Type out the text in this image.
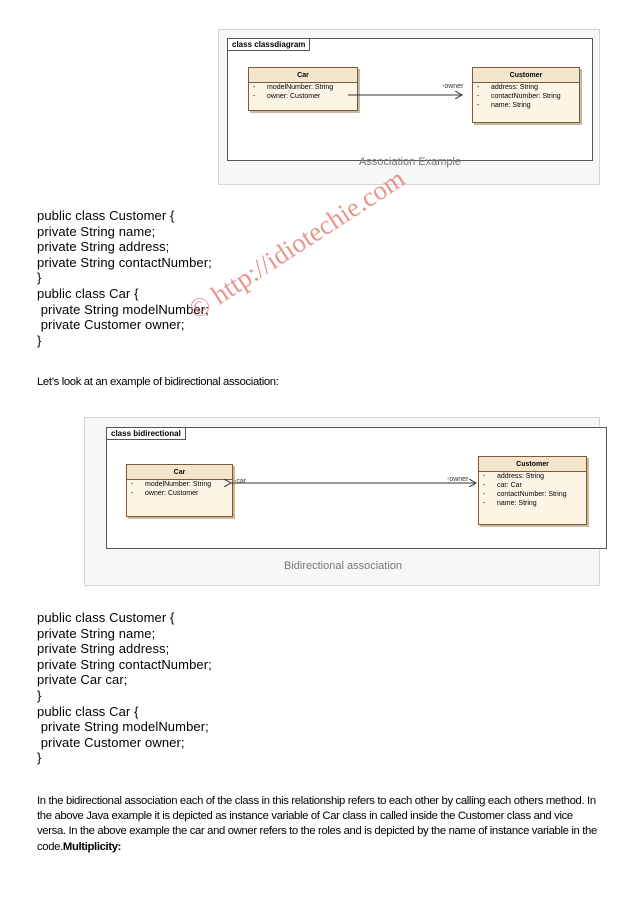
class classdiagram
Car
- modelNumber: String
- owner: Customer
Customer
- address: String
- contactNumber: String
- name: String
-owner
Association Example
public class Customer {
private String name;
private String address;
private String contactNumber;
}
public class Car {
private String modelNumber;
private Customer owner;
}
Let’s look at an example of bidirectional association:
class bidirectional
Car
- modelNumber: String
- owner: Customer
Customer
- address: String
- car: Car
- contactNumber: String
- name: String
-car	-owner
Bidirectional association
public class Customer {
private String name;
private String address;
private String contactNumber;
private Car car;
}
public class Car {
private String modelNumber;
private Customer owner;
}
In the bidirectional association each of the class in this relationship refers to each other by calling each others method. In the above Java example it is depicted as instance variable of Car class in called inside the Customer class and vice versa. In the above example the car and owner refers to the roles and is depicted by the name of instance variable in the code.Multiplicity:
© http://idiotechie.com
